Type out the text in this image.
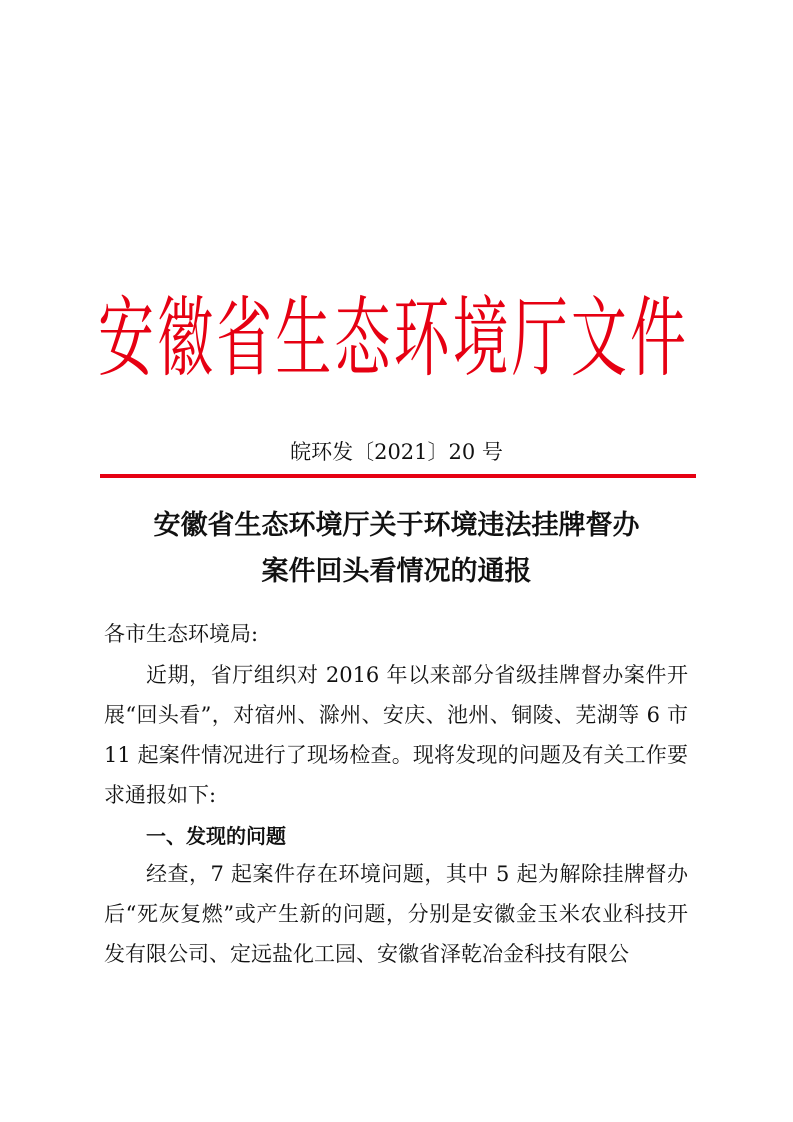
安 徽 省 生 态 环 境 厅 文 件
皖环发〔2021〕20 号
安徽省生态环境厅关于环境违法挂牌督办
案件回头看情况的通报
各市生态环境局:
近期，省厅组织对 2016 年以来部分省级挂牌督办案件开展“回头看”，对宿州、滁州、安庆、池州、铜陵、芜湖等 6 市 11 起案件情况进行了现场检查。现将发现的问题及有关工作要求通报如下:
一、发现的问题
经查，7 起案件存在环境问题，其中 5 起为解除挂牌督办后“死灰复燃”或产生新的问题，分别是安徽金玉米农业科技开发有限公司、定远盐化工园、安徽省泽乾冶金科技有限公
